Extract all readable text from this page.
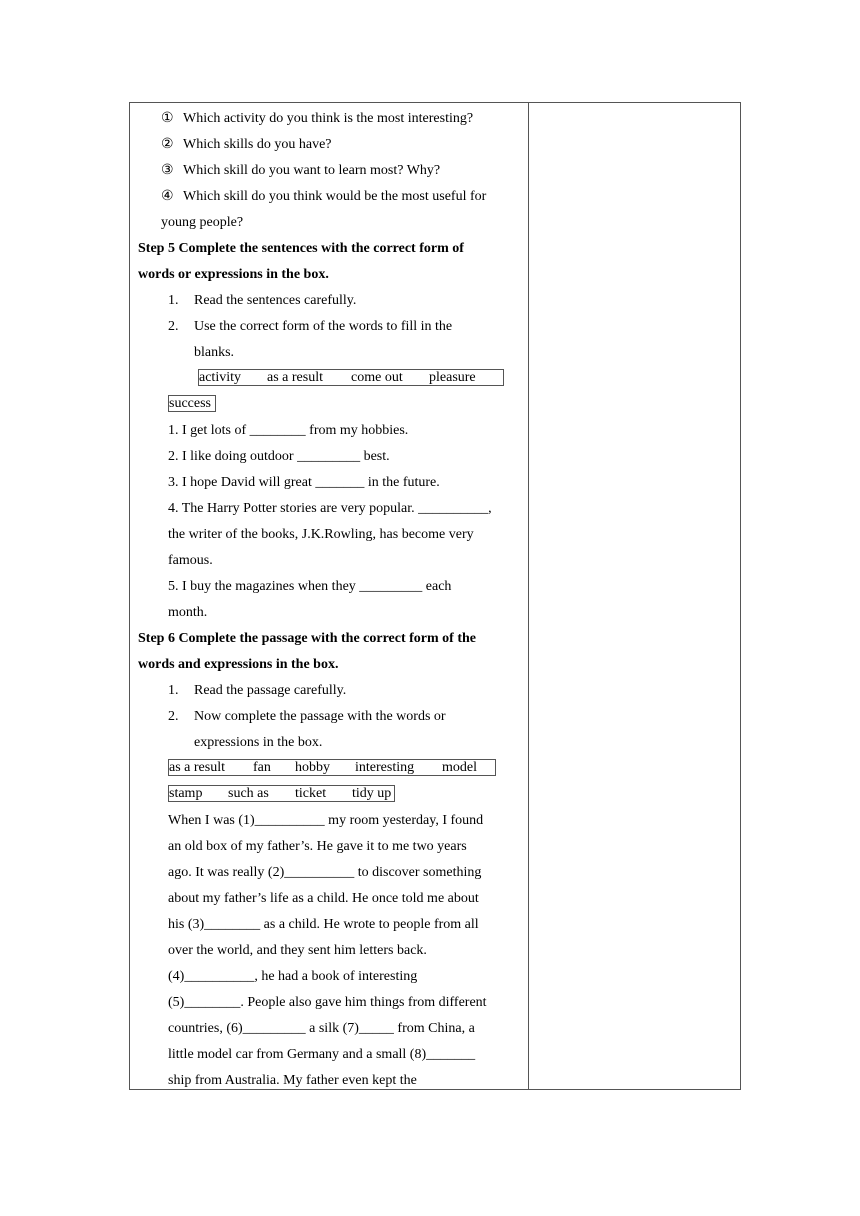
① Which activity do you think is the most interesting?
② Which skills do you have?
③ Which skill do you want to learn most? Why?
④ Which skill do you think would be the most useful for
young people?
Step 5 Complete the sentences with the correct form of
words or expressions in the box.
1. Read the sentences carefully.
2. Use the correct form of the words to fill in the
blanks.
activity as a result come out pleasure
success
1. I get lots of ________ from my hobbies.
2. I like doing outdoor _________ best.
3. I hope David will great _______ in the future.
4. The Harry Potter stories are very popular. __________,
the writer of the books, J.K.Rowling, has become very
famous.
5. I buy the magazines when they _________ each
month.
Step 6 Complete the passage with the correct form of the
words and expressions in the box.
1. Read the passage carefully.
2. Now complete the passage with the words or
expressions in the box.
as a result fan hobby interesting model
stamp such as ticket tidy up
When I was (1)__________ my room yesterday, I found
an old box of my father’s. He gave it to me two years
ago. It was really (2)__________ to discover something
about my father’s life as a child. He once told me about
his (3)________ as a child. He wrote to people from all
over the world, and they sent him letters back.
(4)__________, he had a book of interesting
(5)________. People also gave him things from different
countries, (6)_________ a silk (7)_____ from China, a
little model car from Germany and a small (8)_______
ship from Australia. My father even kept the
